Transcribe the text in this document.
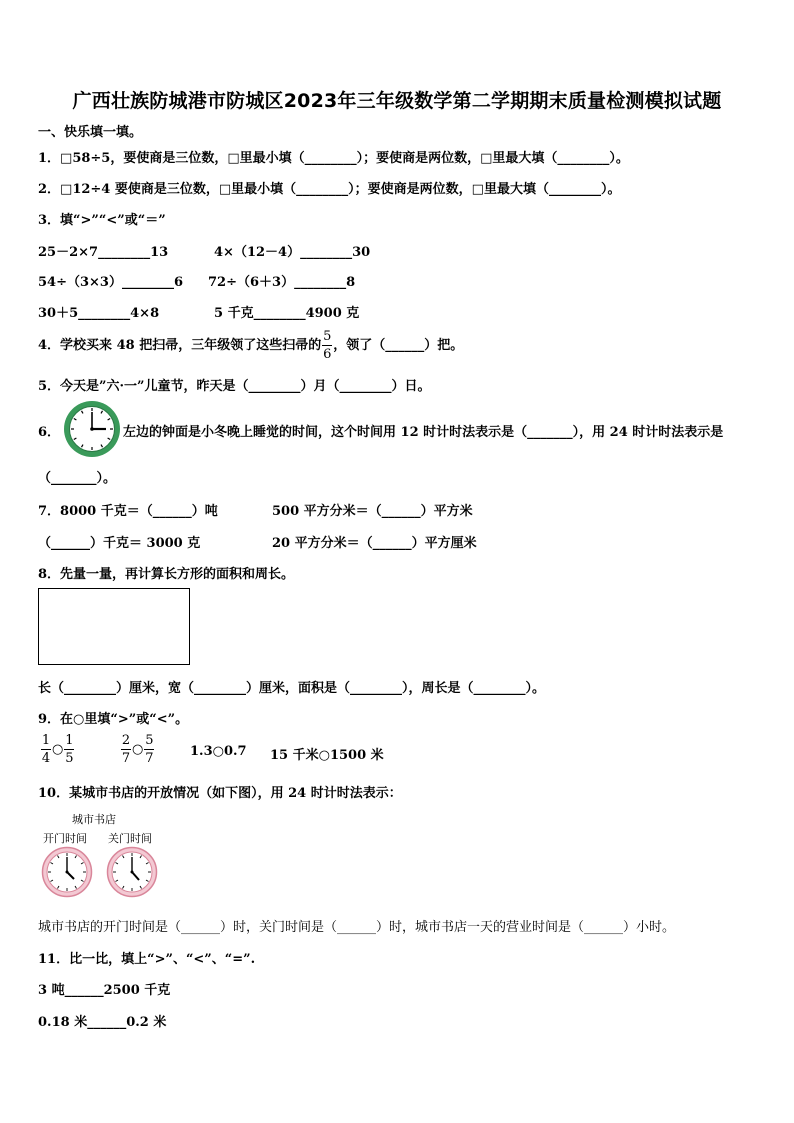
广西壮族防城港市防城区2023年三年级数学第二学期期末质量检测模拟试题
一、快乐填一填。
1．□58÷5，要使商是三位数，□里最小填（________）；要使商是两位数，□里最大填（________）。
2．□12÷4 要使商是三位数，□里最小填（________）；要使商是两位数，□里最大填（________）。
3．填“>”“<”或“＝”
25－2×7________13	4×（12－4）________30
54÷（3×3）________6 72÷（6＋3）________8
30＋5________4×8	5 千克________4900 克
4．学校买来 48 把扫帚，三年级领了这些扫帚的 $\frac{5}{6}$ ，领了（______）把。
5．今天是”六·一”儿童节，昨天是（________）月（________）日。
6．	左边的钟面是小冬晚上睡觉的时间，这个时间用 12 时计时法表示是（_______），用 24 时计时法表示是
（_______）。
7．8000 千克＝（______）吨	500 平方分米＝（______）平方米
（______）千克＝ 3000 克	20 平方分米＝（______）平方厘米
8．先量一量，再计算长方形的面积和周长。
长（________）厘米，宽（________）厘米，面积是（________），周长是（________）。
9．在○里填“>”或“<”。
$\frac{1}{4}$ ○ $\frac{1}{5}$	$\frac{2}{7}$ ○ $\frac{5}{7}$	1.3○0.7 15 千米○1500 米
10．某城市书店的开放情况（如下图），用 24 时计时法表示：
城市书店
开门时间 关门时间
城市书店的开门时间是（______）时，关门时间是（______）时，城市书店一天的营业时间是（______）小时。
11．比一比，填上“>”、“<”、“=”.
3 吨______2500 千克
0.18 米______0.2 米
